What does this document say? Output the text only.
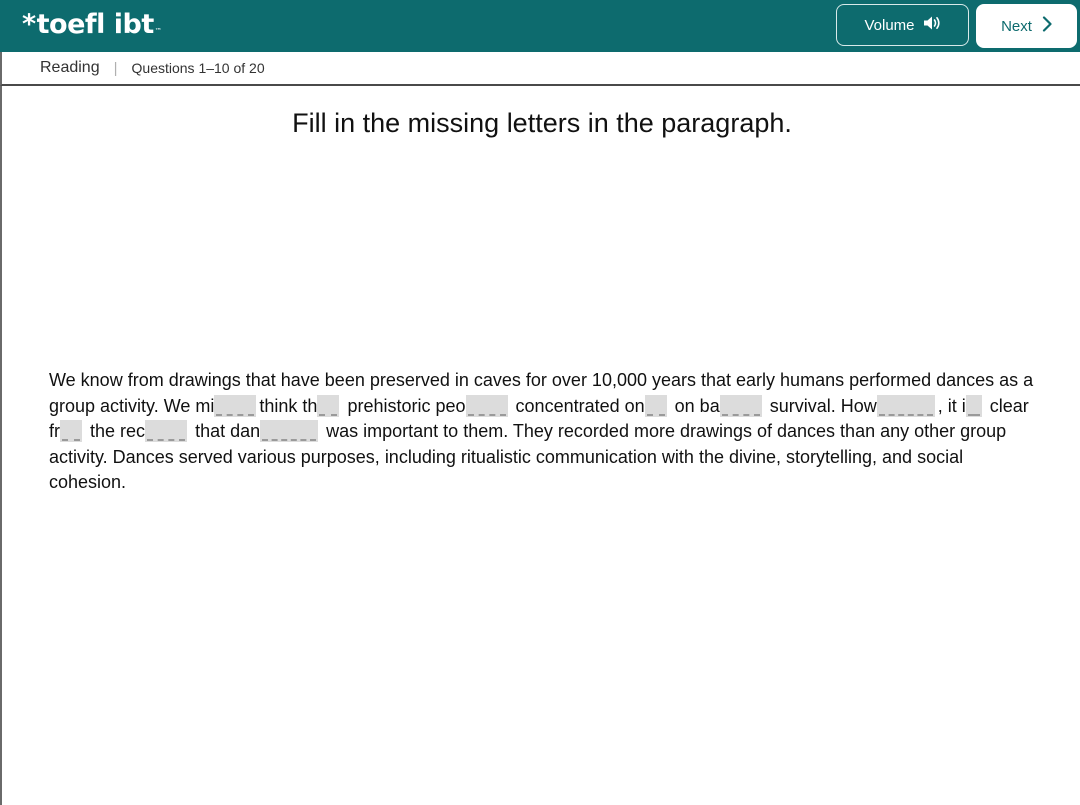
*toefl ibt™	Volume	Next
Reading | Questions 1–10 of 20
Fill in the missing letters in the paragraph.
We know from drawings that have been preserved in caves for over 10,000 years that early humans performed dances as a group activity. We mi	think th prehistoric peo	concentrated on on ba	survival. How	, it i clear fr the rec	that dan	was important to them. They recorded more drawings of dances than any other group activity. Dances served various purposes, including ritualistic communication with the divine, storytelling, and social cohesion.
